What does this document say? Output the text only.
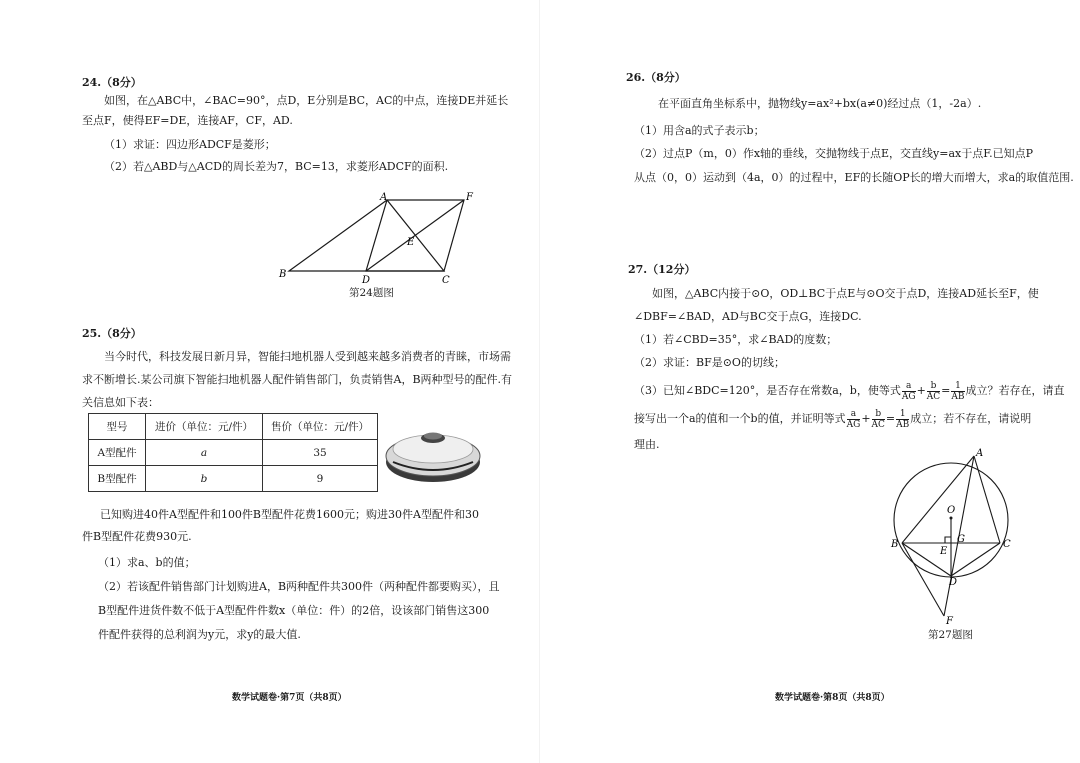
24.（8分）
如图，在△ABC中，∠BAC=90°，点D，E分别是BC，AC的中点，连接DE并延长
至点F，使得EF=DE，连接AF，CF，AD.
（1）求证：四边形ADCF是菱形；
（2）若△ABD与△ACD的周长差为7，BC=13，求菱形ADCF的面积.
B
A	F
E
D	C
第24题图
25.（8分）
当今时代，科技发展日新月异，智能扫地机器人受到越来越多消费者的青睐，市场需
求不断增长.某公司旗下智能扫地机器人配件销售部门，负责销售A，B两种型号的配件.有
关信息如下表：
型号	进价（单位：元/件）	售价（单位：元/件）
A型配件	a	35
B型配件	b	9
已知购进40件A型配件和100件B型配件花费1600元；购进30件A型配件和30
件B型配件花费930元.
（1）求a、b的值；
（2）若该配件销售部门计划购进A，B两种配件共300件（两种配件都要购买），且
B型配件进货件数不低于A型配件件数x（单位：件）的2倍，设该部门销售这300
件配件获得的总利润为y元，求y的最大值.
数学试题卷·第7页（共8页）
26.（8分）
在平面直角坐标系中，抛物线y=ax²+bx(a≠0)经过点（1，-2a）.
（1）用含a的式子表示b；
（2）过点P（m，0）作x轴的垂线，交抛物线于点E，交直线y=ax于点F.已知点P
从点（0，0）运动到（4a，0）的过程中，EF的长随OP长的增大而增大，求a的取值范围.
27.（12分）
如图，△ABC内接于⊙O，OD⊥BC于点E与⊙O交于点D，连接AD延长至F，使
∠DBF=∠BAD，AD与BC交于点G，连接DC.
（1）若∠CBD=35°，求∠BAD的度数；
（2）求证：BF是⊙O的切线；
（3）已知∠BDC=120°，是否存在常数a，b，使等式 $\frac{a}{AG} + \frac{b}{AC} = \frac{1}{AB}$ 成立？若存在，请直
接写出一个a的值和一个b的值，并证明等式 $\frac{a}{AG} + \frac{b}{AC} = \frac{1}{AB}$ 成立；若不存在，请说明
理由.
A
B	C
O
E
G
D
F
第27题图
数学试题卷·第8页（共8页）
